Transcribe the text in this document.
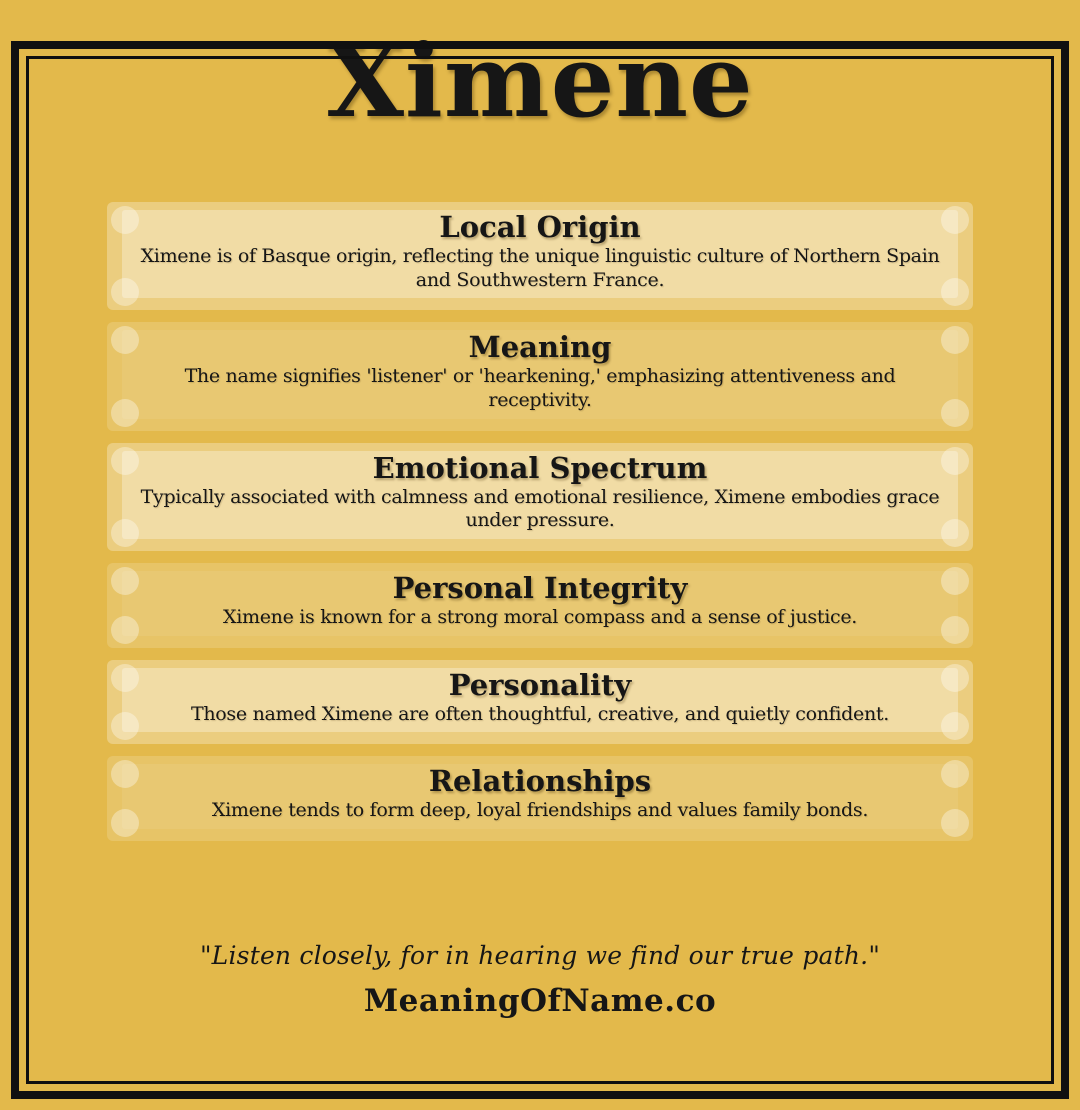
Ximene
Local Origin

Ximene is of Basque origin, reflecting the unique linguistic culture of Northern Spain and Southwestern France.

Meaning

The name signifies 'listener' or 'hearkening,' emphasizing attentiveness and receptivity.

Emotional Spectrum

Typically associated with calmness and emotional resilience, Ximene embodies grace under pressure.

Personal Integrity

Ximene is known for a strong moral compass and a sense of justice.

Personality

Those named Ximene are often thoughtful, creative, and quietly confident.

Relationships

Ximene tends to form deep, loyal friendships and values family bonds.

"Listen closely, for in hearing we find our true path."

MeaningOfName.co
